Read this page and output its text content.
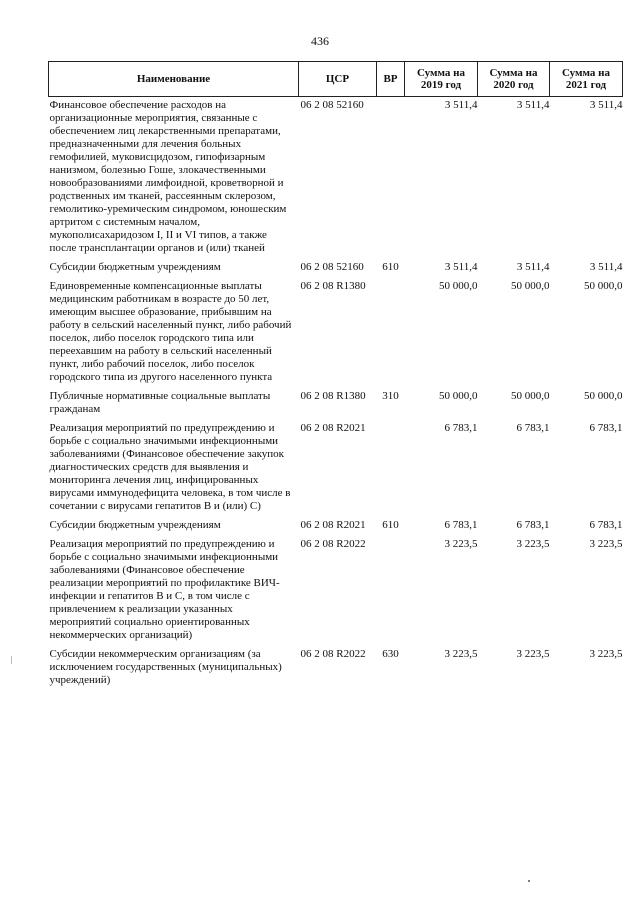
436
Наименование	ЦСР	ВР	Сумма на 2019 год	Сумма на 2020 год	Сумма на 2021 год
Финансовое обеспечение расходов на организационные мероприятия, связанные с обеспечением лиц лекарственными препаратами, предназначенными для лечения больных гемофилией, муковисцидозом, гипофизарным нанизмом, болезнью Гоше, злокачественными новообразованиями лимфоидной, кроветворной и родственных им тканей, рассеянным склерозом, гемолитико-уремическим синдромом, юношеским артритом с системным началом, мукополисахаридозом I, II и VI типов, а также после трансплантации органов и (или) тканей	06 2 08 52160		3 511,4	3 511,4	3 511,4
Субсидии бюджетным учреждениям	06 2 08 52160	610	3 511,4	3 511,4	3 511,4
Единовременные компенсационные выплаты медицинским работникам в возрасте до 50 лет, имеющим высшее образование, прибывшим на работу в сельский населенный пункт, либо рабочий поселок, либо поселок городского типа или переехавшим на работу в сельский населенный пункт, либо рабочий поселок, либо поселок городского типа из другого населенного пункта	06 2 08 R1380		50 000,0	50 000,0	50 000,0
Публичные нормативные социальные выплаты гражданам	06 2 08 R1380	310	50 000,0	50 000,0	50 000,0
Реализация мероприятий по предупреждению и борьбе с социально значимыми инфекционными заболеваниями (Финансовое обеспечение закупок диагностических средств для выявления и мониторинга лечения лиц, инфицированных вирусами иммунодефицита человека, в том числе в сочетании с вирусами гепатитов В и (или) С)	06 2 08 R2021		6 783,1	6 783,1	6 783,1
Субсидии бюджетным учреждениям	06 2 08 R2021	610	6 783,1	6 783,1	6 783,1
Реализация мероприятий по предупреждению и борьбе с социально значимыми инфекционными заболеваниями (Финансовое обеспечение реализации мероприятий по профилактике ВИЧ-инфекции и гепатитов В и С, в том числе с привлечением к реализации указанных мероприятий социально ориентированных некоммерческих организаций)	06 2 08 R2022		3 223,5	3 223,5	3 223,5
Субсидии некоммерческим организациям (за исключением государственных (муниципальных) учреждений)	06 2 08 R2022	630	3 223,5	3 223,5	3 223,5
